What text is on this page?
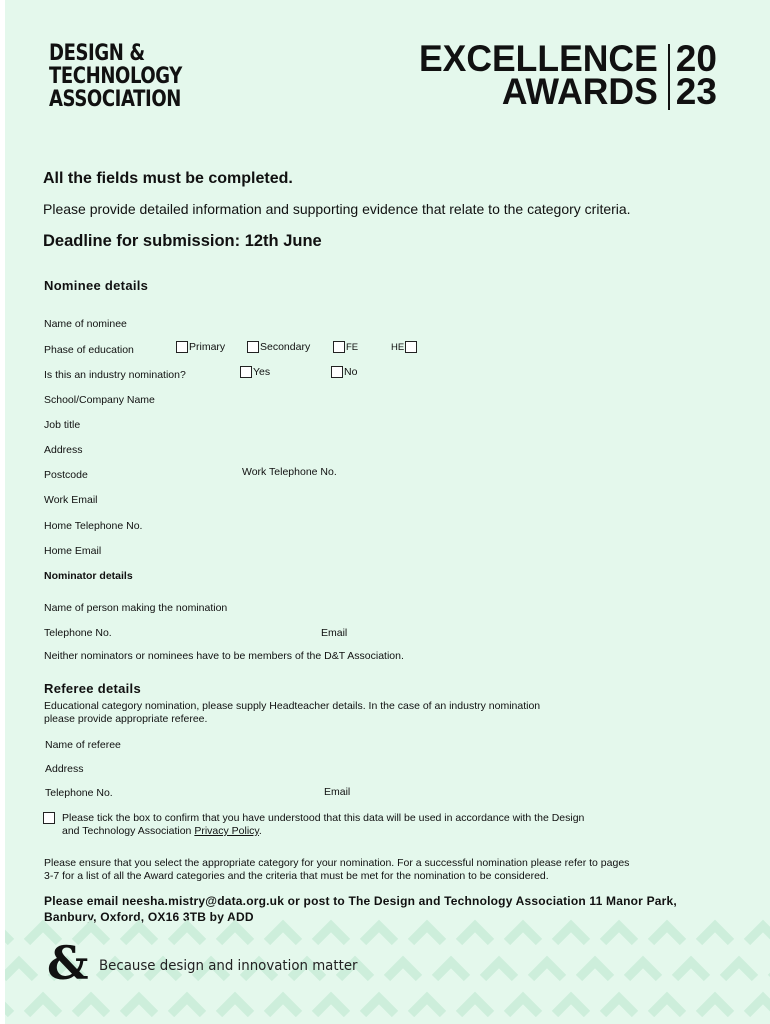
DESIGN &
TECHNOLOGY
ASSOCIATION
EXCELLENCE
AWARDS
20
23
All the fields must be completed.
Please provide detailed information and supporting evidence that relate to the category criteria.
Deadline for submission: 12th June
Nominee details
Name of nominee
Phase of education	Primary	Secondary	FE	HE
Is this an industry nomination?	Yes	No
School/Company Name
Job title
Address
Postcode	Work Telephone No.
Work Email
Home Telephone No.
Home Email
Nominator details
Name of person making the nomination
Telephone No.	Email
Neither nominators or nominees have to be members of the D&T Association.
Referee details
Educational category nomination, please supply Headteacher details. In the case of an industry nomination
please provide appropriate referee.
Name of referee
Address
Telephone No.	Email
Please tick the box to confirm that you have understood that this data will be used in accordance with the Design
and Technology Association Privacy Policy.
Please ensure that you select the appropriate category for your nomination. For a successful nomination please refer to pages
3-7 for a list of all the Award categories and the criteria that must be met for the nomination to be considered.
Please email neesha.mistry@data.org.uk or post to The Design and Technology Association 11 Manor Park,
Banbury, Oxford, OX16 3TB by ADD
& Because design and innovation matter
